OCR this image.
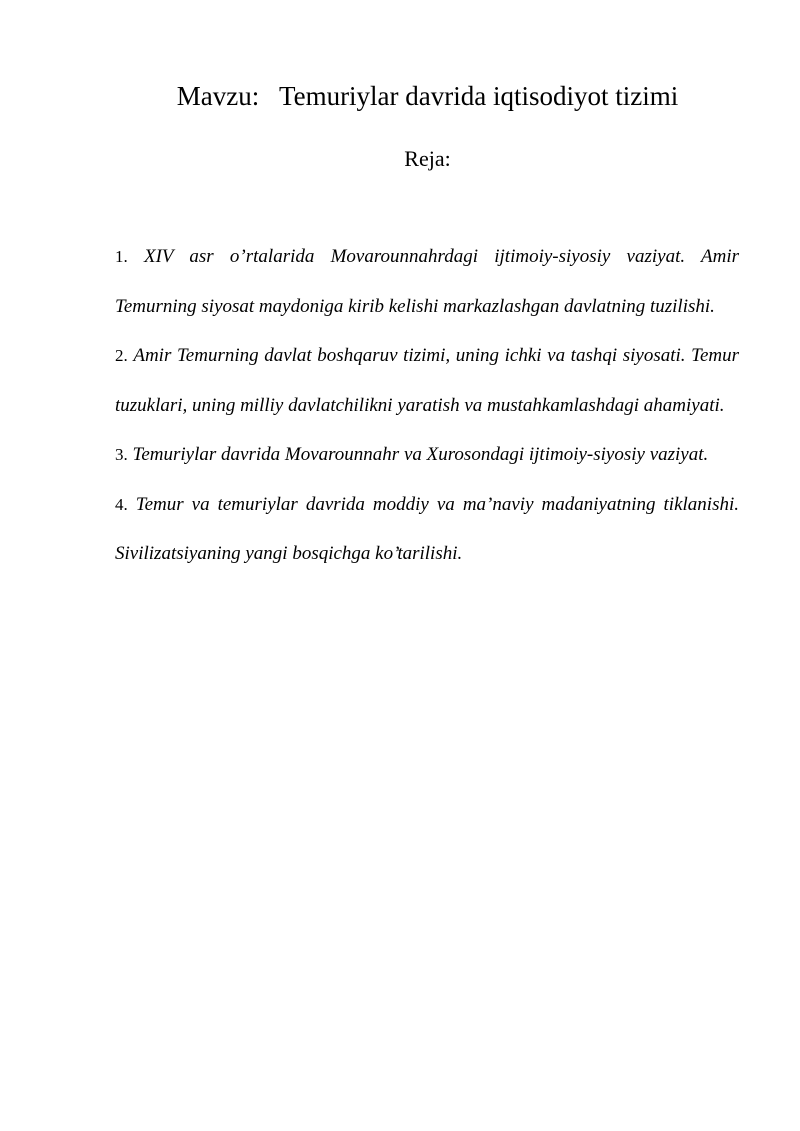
Mavzu:   Temuriylar davrida iqtisodiyot tizimi
Reja:
1. XIV asr o’rtalarida Movarounnahrdagi ijtimoiy-siyosiy vaziyat. Amir Temurning siyosat maydoniga kirib kelishi markazlashgan davlatning tuzilishi.
2. Amir Temurning davlat boshqaruv tizimi, uning ichki va tashqi siyosati. Temur tuzuklari, uning milliy davlatchilikni yaratish va mustahkamlashdagi ahamiyati.
3. Temuriylar davrida Movarounnahr va Xurosondagi ijtimoiy-siyosiy vaziyat.
4. Temur va temuriylar davrida moddiy va ma’naviy madaniyatning tiklanishi. Sivilizatsiyaning yangi bosqichga ko’tarilishi.
